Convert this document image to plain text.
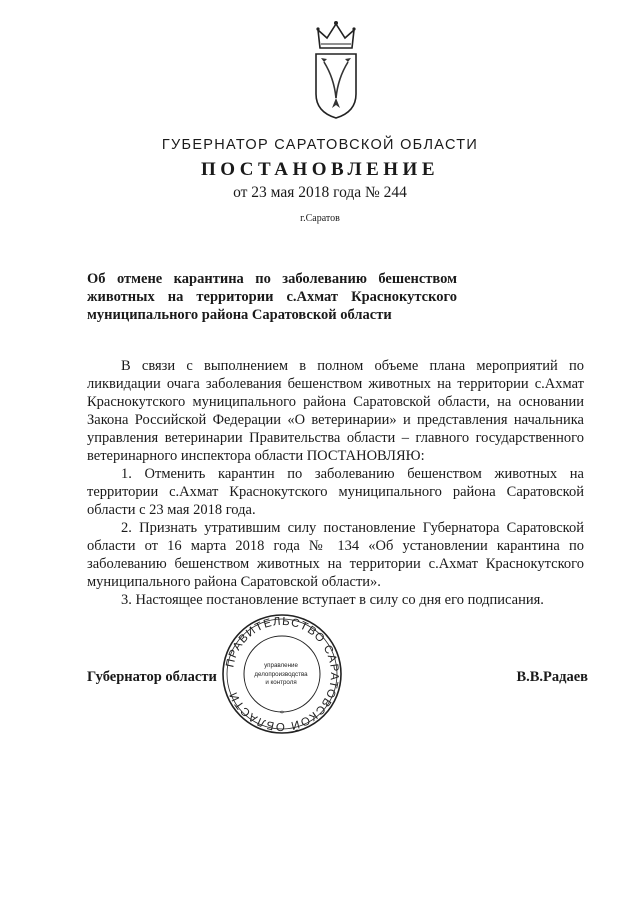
ГУБЕРНАТОР САРАТОВСКОЙ ОБЛАСТИ
ПОСТАНОВЛЕНИЕ
от 23 мая 2018 года № 244
г.Саратов
Об отмене карантина по заболеванию бешенством животных на территории с.Ахмат Краснокутского муниципального района Саратовской области

В связи с выполнением в полном объеме плана мероприятий по ликвидации очага заболевания бешенством животных на территории с.Ахмат Краснокутского муниципального района Саратовской области, на основании Закона Российской Федерации «О ветеринарии» и представления начальника управления ветеринарии Правительства области – главного государственного ветеринарного инспектора области ПОСТАНОВЛЯЮ:

1. Отменить карантин по заболеванию бешенством животных на территории с.Ахмат Краснокутского муниципального района Саратовской области с 23 мая 2018 года.

2. Признать утратившим силу постановление Губернатора Саратовской области от 16 марта 2018 года № 134 «Об установлении карантина по заболеванию бешенством животных на территории с.Ахмат Краснокутского муниципального района Саратовской области».

3. Настоящее постановление вступает в силу со дня его подписания.

Губернатор области	В.В.Радаев
ПРАВИТЕЛЬСТВО САРАТОВСКОЙ ОБЛАСТИ
*
управление
делопроизводства
и контроля
